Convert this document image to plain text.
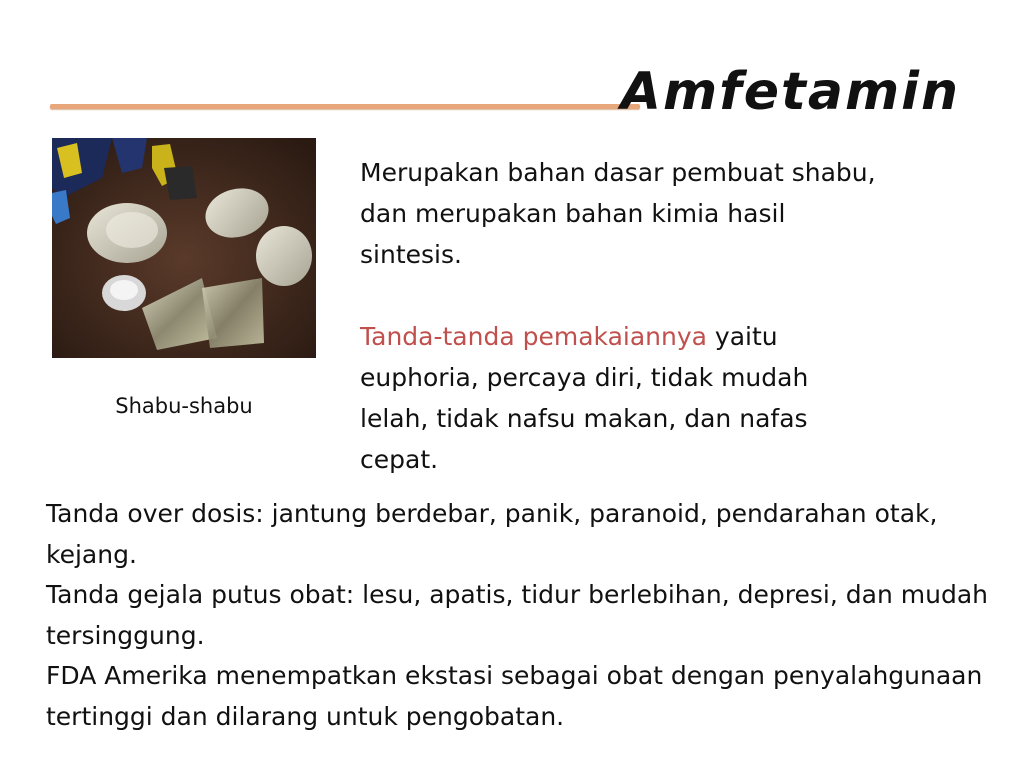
Amfetamin
Shabu-shabu

Merupakan bahan dasar pembuat shabu, dan merupakan bahan kimia hasil sintesis.

Tanda-tanda pemakaiannya yaitu euphoria, percaya diri, tidak mudah lelah, tidak nafsu makan, dan nafas cepat.

Tanda over dosis: jantung berdebar, panik, paranoid, pendarahan otak, kejang.

Tanda gejala putus obat: lesu, apatis, tidur berlebihan, depresi, dan mudah tersinggung.

FDA Amerika menempatkan ekstasi sebagai obat dengan penyalahgunaan tertinggi dan dilarang untuk pengobatan.
